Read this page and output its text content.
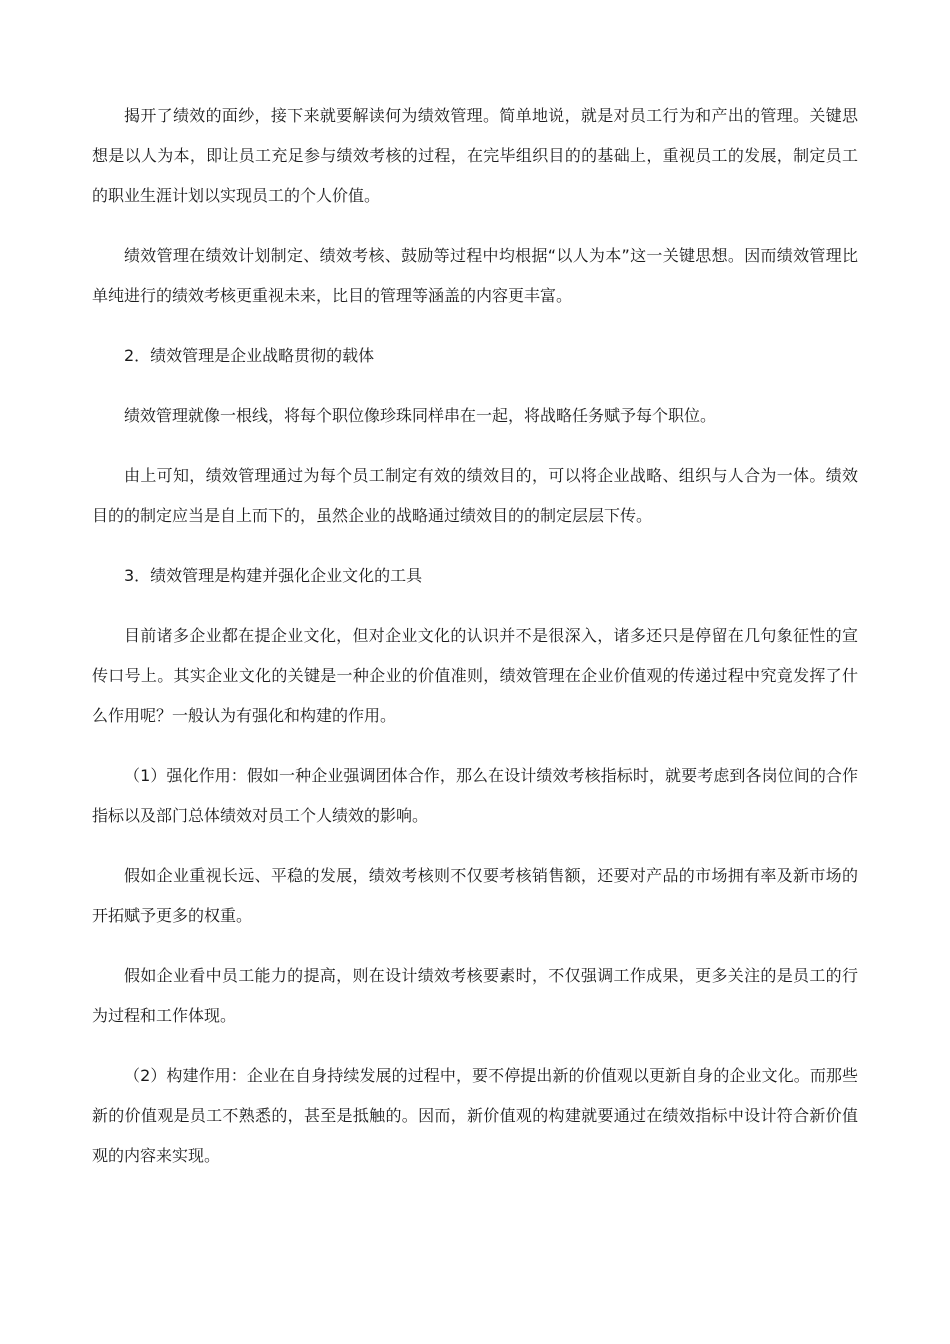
揭开了绩效的面纱，接下来就要解读何为绩效管理。简单地说，就是对员工行为和产出的管理。关键思想是以人为本，即让员工充足参与绩效考核的过程，在完毕组织目的的基础上，重视员工的发展，制定员工的职业生涯计划以实现员工的个人价值。

绩效管理在绩效计划制定、绩效考核、鼓励等过程中均根据“以人为本”这一关键思想。因而绩效管理比单纯进行的绩效考核更重视未来，比目的管理等涵盖的内容更丰富。

2．绩效管理是企业战略贯彻的载体

绩效管理就像一根线，将每个职位像珍珠同样串在一起，将战略任务赋予每个职位。

由上可知，绩效管理通过为每个员工制定有效的绩效目的，可以将企业战略、组织与人合为一体。绩效目的的制定应当是自上而下的，虽然企业的战略通过绩效目的的制定层层下传。

3．绩效管理是构建并强化企业文化的工具

目前诸多企业都在提企业文化，但对企业文化的认识并不是很深入，诸多还只是停留在几句象征性的宣传口号上。其实企业文化的关键是一种企业的价值准则，绩效管理在企业价值观的传递过程中究竟发挥了什么作用呢？一般认为有强化和构建的作用。

（1）强化作用：假如一种企业强调团体合作，那么在设计绩效考核指标时，就要考虑到各岗位间的合作指标以及部门总体绩效对员工个人绩效的影响。

假如企业重视长远、平稳的发展，绩效考核则不仅要考核销售额，还要对产品的市场拥有率及新市场的开拓赋予更多的权重。

假如企业看中员工能力的提高，则在设计绩效考核要素时，不仅强调工作成果，更多关注的是员工的行为过程和工作体现。

（2）构建作用：企业在自身持续发展的过程中，要不停提出新的价值观以更新自身的企业文化。而那些新的价值观是员工不熟悉的，甚至是抵触的。因而，新价值观的构建就要通过在绩效指标中设计符合新价值观的内容来实现。
